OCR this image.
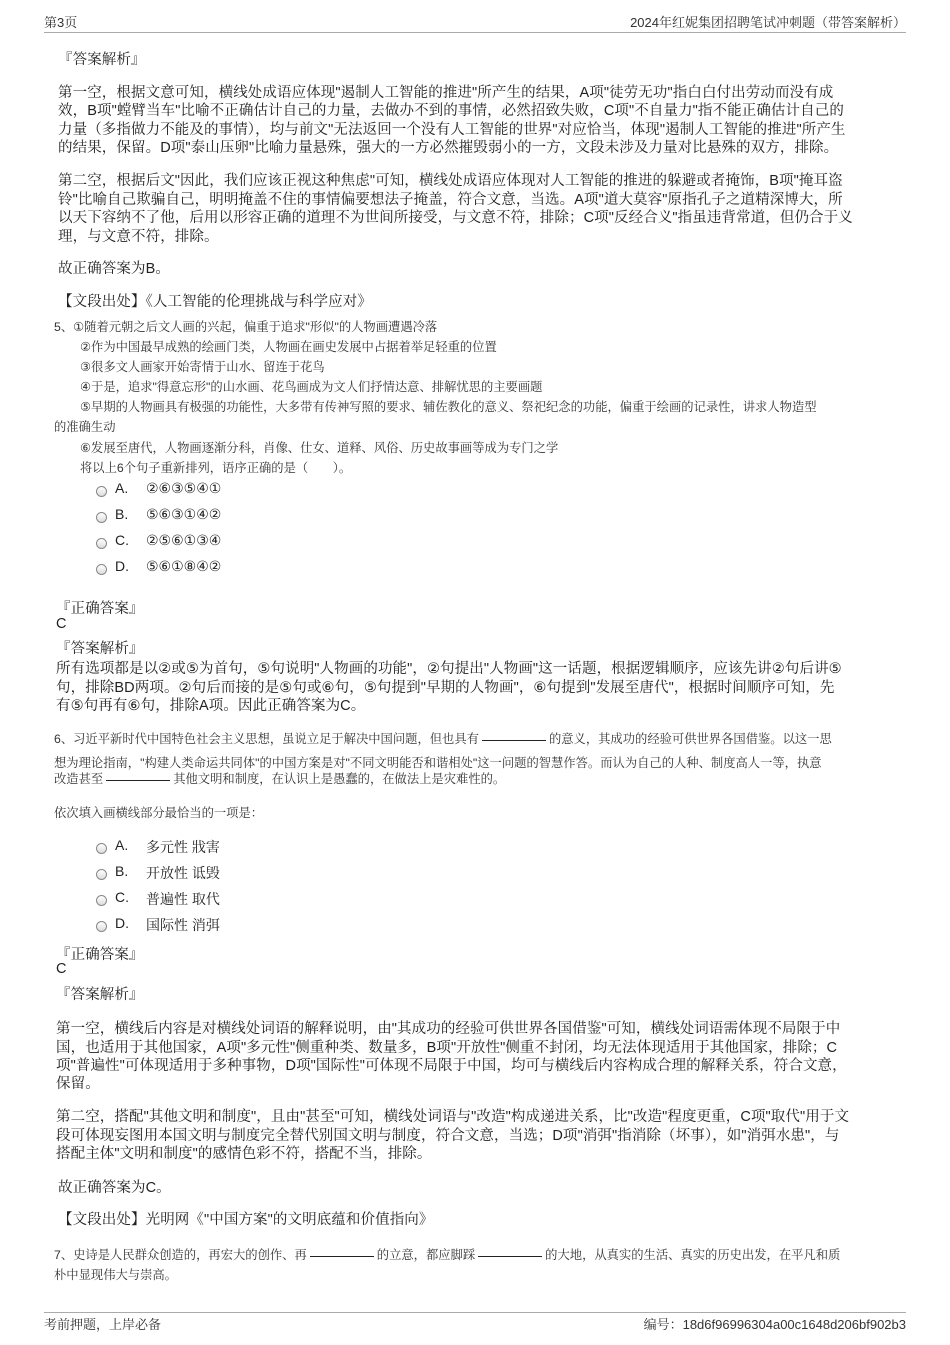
第3页	2024年红妮集团招聘笔试冲刺题（带答案解析）
『答案解析』
第一空，根据文意可知，横线处成语应体现"遏制人工智能的推进"所产生的结果，A项"徒劳无功"指白白付出劳动而没有成
效，B项"螳臂当车"比喻不正确估计自己的力量，去做办不到的事情，必然招致失败，C项"不自量力"指不能正确估计自己的
力量（多指做力不能及的事情），均与前文"无法返回一个没有人工智能的世界"对应恰当，体现"遏制人工智能的推进"所产生
的结果，保留。D项"泰山压卵"比喻力量悬殊，强大的一方必然摧毁弱小的一方，文段未涉及力量对比悬殊的双方，排除。
第二空，根据后文"因此，我们应该正视这种焦虑"可知，横线处成语应体现对人工智能的推进的躲避或者掩饰，B项"掩耳盗
铃"比喻自己欺骗自己，明明掩盖不住的事情偏要想法子掩盖，符合文意，当选。A项"道大莫容"原指孔子之道精深博大，所
以天下容纳不了他，后用以形容正确的道理不为世间所接受，与文意不符，排除；C项"反经合义"指虽违背常道，但仍合于义
理，与文意不符，排除。
故正确答案为B。
【文段出处】《人工智能的伦理挑战与科学应对》
5、①随着元朝之后文人画的兴起，偏重于追求"形似"的人物画遭遇冷落
②作为中国最早成熟的绘画门类，人物画在画史发展中占据着举足轻重的位置
③很多文人画家开始寄情于山水、留连于花鸟
④于是，追求"得意忘形"的山水画、花鸟画成为文人们抒情达意、排解忧思的主要画题
⑤早期的人物画具有极强的功能性，大多带有传神写照的要求、辅佐教化的意义、祭祀纪念的功能，偏重于绘画的记录性，讲求人物造型
的准确生动
⑥发展至唐代，人物画逐渐分科，肖像、仕女、道释、风俗、历史故事画等成为专门之学
将以上6个句子重新排列，语序正确的是（　　）。
A. ②⑥③⑤④①
B. ⑤⑥③①④②
C. ②⑤⑥①③④
D. ⑤⑥①⑧④②
『正确答案』
C
『答案解析』
所有选项都是以②或⑤为首句，⑤句说明"人物画的功能"，②句提出"人物画"这一话题，根据逻辑顺序，应该先讲②句后讲⑤
句，排除BD两项。②句后而接的是⑤句或⑥句，⑤句提到"早期的人物画"，⑥句提到"发展至唐代"，根据时间顺序可知，先
有⑤句再有⑥句，排除A项。因此正确答案为C。
6、习近平新时代中国特色社会主义思想，虽说立足于解决中国问题，但也具有	的意义，其成功的经验可供世界各国借鉴。以这一思
想为理论指南，"构建人类命运共同体"的中国方案是对"不同文明能否和谐相处"这一问题的智慧作答。而认为自己的人种、制度高人一等，执意
改造甚至	其他文明和制度，在认识上是愚蠢的，在做法上是灾难性的。
依次填入画横线部分最恰当的一项是：
A. 多元性 戕害
B. 开放性 诋毁
C. 普遍性 取代
D. 国际性 消弭
『正确答案』
C
『答案解析』
第一空，横线后内容是对横线处词语的解释说明，由"其成功的经验可供世界各国借鉴"可知，横线处词语需体现不局限于中
国，也适用于其他国家，A项"多元性"侧重种类、数量多，B项"开放性"侧重不封闭，均无法体现适用于其他国家，排除；C
项"普遍性"可体现适用于多种事物，D项"国际性"可体现不局限于中国，均可与横线后内容构成合理的解释关系，符合文意，
保留。
第二空，搭配"其他文明和制度"，且由"甚至"可知，横线处词语与"改造"构成递进关系，比"改造"程度更重，C项"取代"用于文
段可体现妄图用本国文明与制度完全替代别国文明与制度，符合文意，当选；D项"消弭"指消除（坏事），如"消弭水患"，与
搭配主体"文明和制度"的感情色彩不符，搭配不当，排除。
故正确答案为C。
【文段出处】光明网《"中国方案"的文明底蕴和价值指向》
7、史诗是人民群众创造的，再宏大的创作、再	的立意，都应脚踩	的大地，从真实的生活、真实的历史出发，在平凡和质
朴中显现伟大与崇高。
考前押题，上岸必备	编号：18d6f96996304a00c1648d206bf902b3
